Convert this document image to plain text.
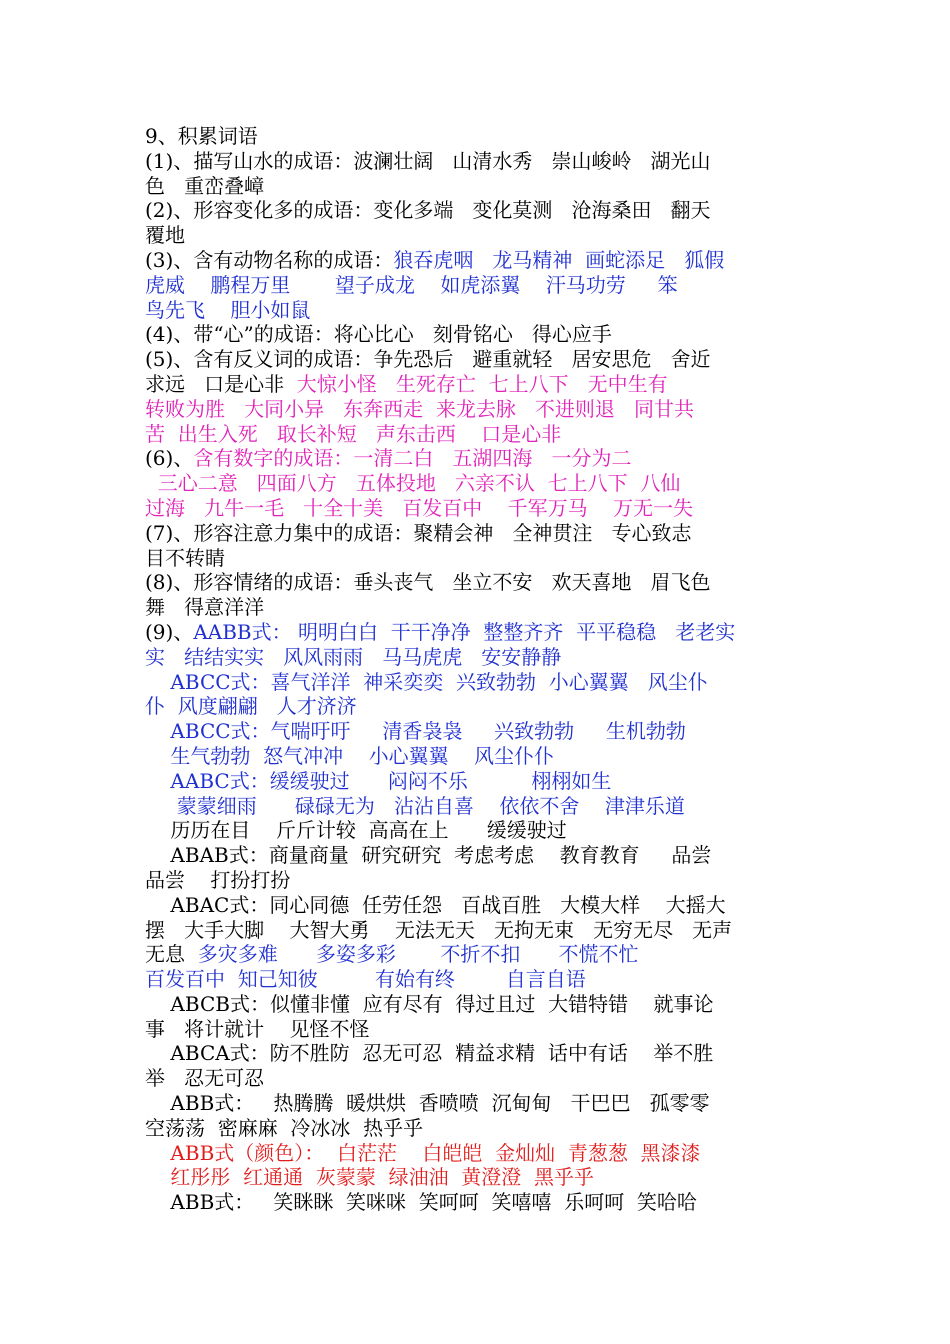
9、积累词语
(1)、描写山水的成语：波澜壮阔   山清水秀   崇山峻岭   湖光山
色   重峦叠嶂
(2)、形容变化多的成语：变化多端   变化莫测   沧海桑田   翻天
覆地
(3)、含有动物名称的成语：狼吞虎咽   龙马精神  画蛇添足   狐假
虎威    鹏程万里       望子成龙    如虎添翼    汗马功劳     笨
鸟先飞    胆小如鼠
(4)、带“心”的成语：将心比心   刻骨铭心   得心应手
(5)、含有反义词的成语：争先恐后   避重就轻   居安思危   舍近
求远   口是心非  大惊小怪   生死存亡  七上八下   无中生有
转败为胜   大同小异   东奔西走  来龙去脉   不进则退   同甘共
苦  出生入死   取长补短   声东击西    口是心非
(6)、含有数字的成语：一清二白   五湖四海   一分为二
三心二意   四面八方   五体投地   六亲不认  七上八下  八仙
过海   九牛一毛   十全十美   百发百中    千军万马    万无一失
(7)、形容注意力集中的成语：聚精会神   全神贯注   专心致志
目不转睛
(8)、形容情绪的成语：垂头丧气   坐立不安   欢天喜地   眉飞色
舞   得意洋洋
(9)、AABB式： 明明白白  干干净净  整整齐齐  平平稳稳   老老实
实   结结实实   风风雨雨   马马虎虎   安安静静
ABCC式：喜气洋洋  神采奕奕  兴致勃勃  小心翼翼   风尘仆
仆  风度翩翩   人才济济
ABCC式：气喘吁吁     清香袅袅     兴致勃勃     生机勃勃
生气勃勃  怒气冲冲    小心翼翼    风尘仆仆
AABC式：缓缓驶过      闷闷不乐          栩栩如生
蒙蒙细雨      碌碌无为   沾沾自喜    依依不舍    津津乐道
历历在目    斤斤计较  高高在上      缓缓驶过
ABAB式：商量商量  研究研究  考虑考虑    教育教育     品尝
品尝    打扮打扮
ABAC式：同心同德  任劳任怨   百战百胜   大模大样    大摇大
摆   大手大脚    大智大勇    无法无天   无拘无束   无穷无尽   无声
无息  多灾多难      多姿多彩       不折不扣      不慌不忙
百发百中  知己知彼         有始有终        自言自语
ABCB式：似懂非懂  应有尽有  得过且过  大错特错    就事论
事   将计就计    见怪不怪
ABCA式：防不胜防  忍无可忍  精益求精  话中有话    举不胜
举   忍无可忍
ABB式：   热腾腾  暖烘烘  香喷喷  沉甸甸   干巴巴   孤零零
空荡荡  密麻麻  冷冰冰  热乎乎
ABB式（颜色）：  白茫茫    白皑皑  金灿灿  青葱葱  黑漆漆
红彤彤  红通通  灰蒙蒙  绿油油  黄澄澄  黑乎乎
ABB式：   笑眯眯  笑咪咪  笑呵呵  笑嘻嘻  乐呵呵  笑哈哈
